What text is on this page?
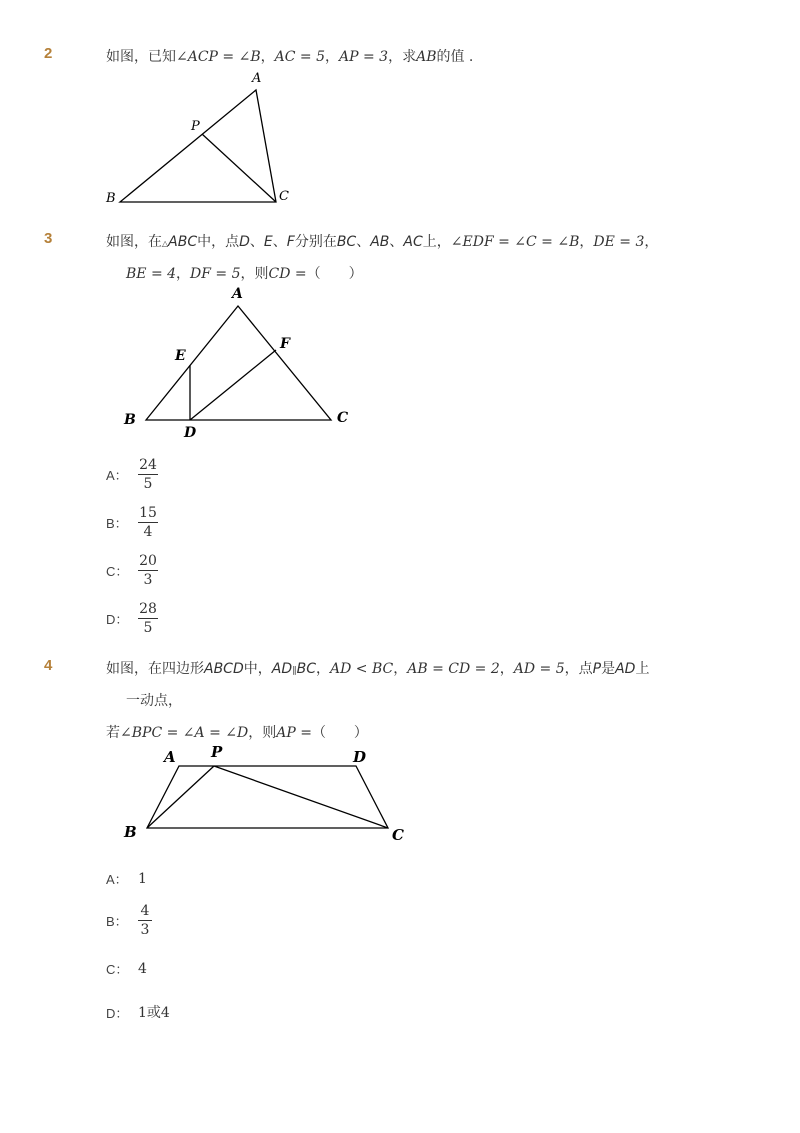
2	如图，已知∠ACP = ∠B，AC = 5，AP = 3，求AB的值 .
A
P
B	C
3	如图，在△ABC中，点D、E、F分别在BC、AB、AC上，∠EDF = ∠C = ∠B，DE = 3，
BE = 4，DF = 5，则CD =（　　）
A
E
F
B
D
C
A： $\frac{24}{5}$
B： $\frac{15}{4}$
C： $\frac{20}{3}$
D： $\frac{28}{5}$
4	如图，在四边形ABCD中，AD∥BC，AD < BC，AB = CD = 2，AD = 5，点P是AD上
一动点，
若∠BPC = ∠A = ∠D，则AP =（　　）
A P	D
B	C
A： 1
B： $\frac{4}{3}$
C： 4
D： 1或4
